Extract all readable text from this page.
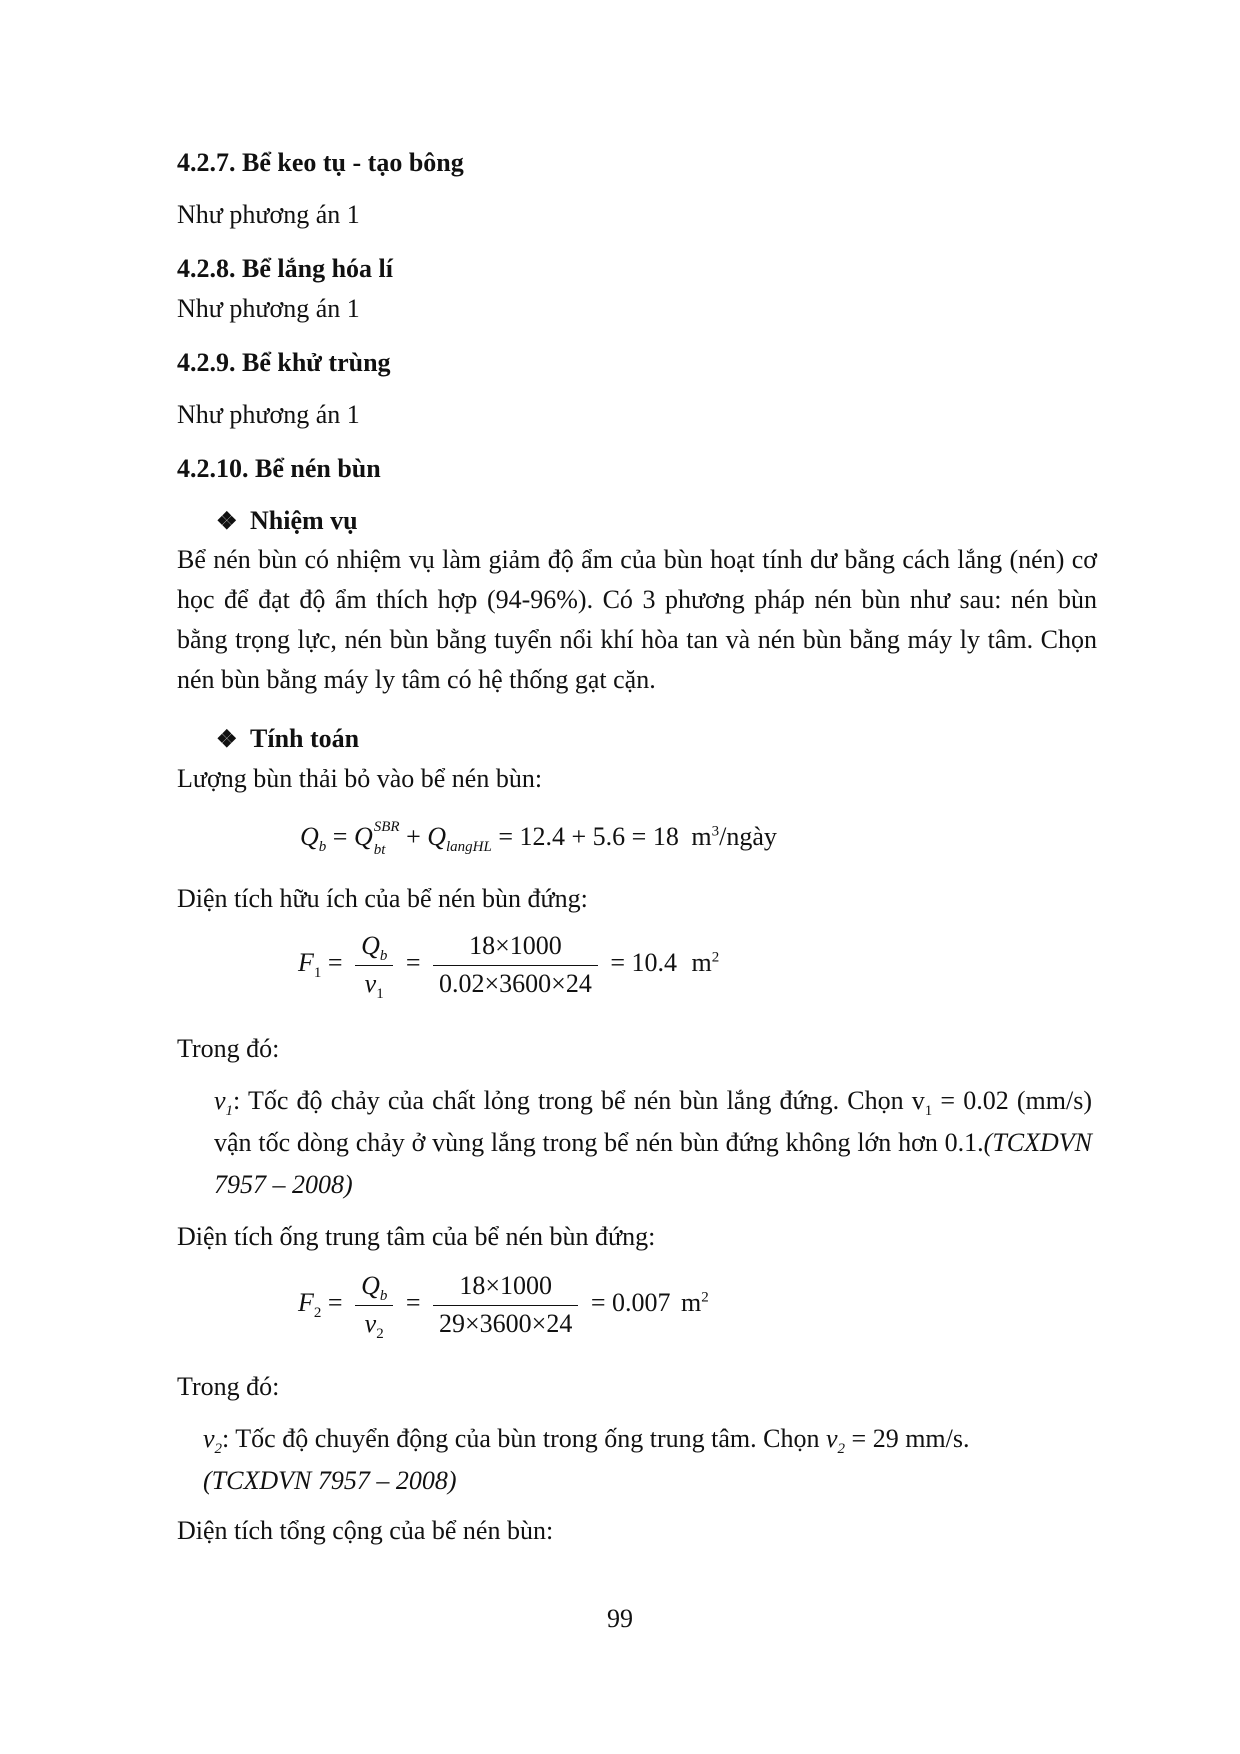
4.2.7. Bể keo tụ - tạo bông
Như phương án 1
4.2.8. Bể lắng hóa lí
Như phương án 1
4.2.9. Bể khử trùng
Như phương án 1
4.2.10. Bể nén bùn
❖ Nhiệm vụ
Bể nén bùn có nhiệm vụ làm giảm độ ẩm của bùn hoạt tính dư bằng cách lắng (nén) cơ học để đạt độ ẩm thích hợp (94-96%). Có 3 phương pháp nén bùn như sau: nén bùn bằng trọng lực, nén bùn bằng tuyển nổi khí hòa tan và nén bùn bằng máy ly tâm. Chọn nén bùn bằng máy ly tâm có hệ thống gạt cặn.
❖ Tính toán
Lượng bùn thải bỏ vào bể nén bùn:
$Q_b = Q$ SBR
bt + $Q_{langHL} = 12.4 + 5.6 = 18$ $m^3$/ngày
Diện tích hữu ích của bể nén bùn đứng:
$F_1 = \frac{Q_b}{v_1} = \frac{18\times 1000}{0.02\times 3600\times 24} = 10.4$ $m^2$
Trong đó:
$v_1$: Tốc độ chảy của chất lỏng trong bể nén bùn lắng đứng. Chọn $v_1 = 0.02$ (mm/s) vận tốc dòng chảy ở vùng lắng trong bể nén bùn đứng không lớn hơn 0.1.(TCXDVN 7957 – 2008)
Diện tích ống trung tâm của bể nén bùn đứng:
$F_2 = \frac{Q_b}{v_2} = \frac{18\times 1000}{29\times 3600\times 24} = 0.007$ $m^2$
Trong đó:
$v_2$: Tốc độ chuyển động của bùn trong ống trung tâm. Chọn $v_2 = 29$ mm/s.
(TCXDVN 7957 – 2008)
Diện tích tổng cộng của bể nén bùn:
99
